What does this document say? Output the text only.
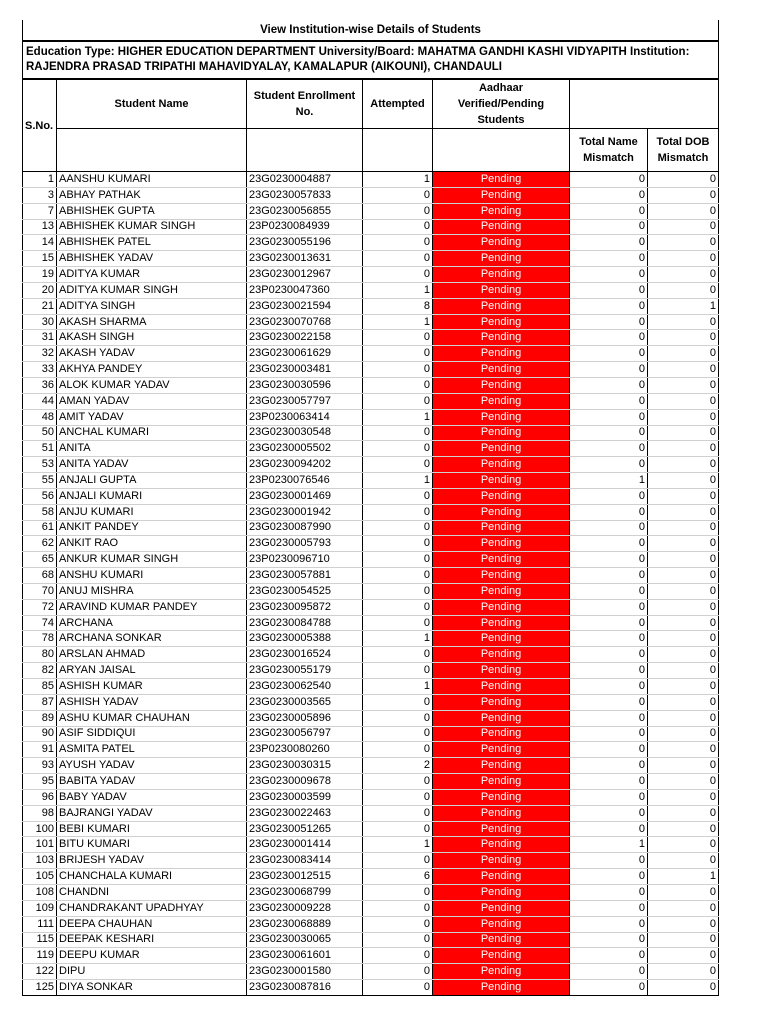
View Institution-wise Details of Students						
Education Type: HIGHER EDUCATION DEPARTMENT University/Board: MAHATMA GANDHI KASHI VIDYAPITH Institution: RAJENDRA PRASAD TRIPATHI MAHAVIDYALAY, KAMALAPUR (AIKOUNI), CHANDAULI						
S.No.	Student Name	Student Enrollment No.	Attempted	Aadhaar Verified/Pending Students		
					Total Name Mismatch	Total DOB Mismatch
1	AANSHU KUMARI	23G0230004887	1	Pending	0	0
3	ABHAY PATHAK	23G0230057833	0	Pending	0	0
7	ABHISHEK GUPTA	23G0230056855	0	Pending	0	0
13	ABHISHEK KUMAR SINGH	23P0230084939	0	Pending	0	0
14	ABHISHEK PATEL	23G0230055196	0	Pending	0	0
15	ABHISHEK YADAV	23G0230013631	0	Pending	0	0
19	ADITYA KUMAR	23G0230012967	0	Pending	0	0
20	ADITYA KUMAR SINGH	23P0230047360	1	Pending	0	0
21	ADITYA SINGH	23G0230021594	8	Pending	0	1
30	AKASH SHARMA	23G0230070768	1	Pending	0	0
31	AKASH SINGH	23G0230022158	0	Pending	0	0
32	AKASH YADAV	23G0230061629	0	Pending	0	0
33	AKHYA PANDEY	23G0230003481	0	Pending	0	0
36	ALOK KUMAR YADAV	23G0230030596	0	Pending	0	0
44	AMAN YADAV	23G0230057797	0	Pending	0	0
48	AMIT YADAV	23P0230063414	1	Pending	0	0
50	ANCHAL KUMARI	23G0230030548	0	Pending	0	0
51	ANITA	23G0230005502	0	Pending	0	0
53	ANITA YADAV	23G0230094202	0	Pending	0	0
55	ANJALI GUPTA	23P0230076546	1	Pending	1	0
56	ANJALI KUMARI	23G0230001469	0	Pending	0	0
58	ANJU KUMARI	23G0230001942	0	Pending	0	0
61	ANKIT PANDEY	23G0230087990	0	Pending	0	0
62	ANKIT RAO	23G0230005793	0	Pending	0	0
65	ANKUR KUMAR SINGH	23P0230096710	0	Pending	0	0
68	ANSHU KUMARI	23G0230057881	0	Pending	0	0
70	ANUJ MISHRA	23G0230054525	0	Pending	0	0
72	ARAVIND KUMAR PANDEY	23G0230095872	0	Pending	0	0
74	ARCHANA	23G0230084788	0	Pending	0	0
78	ARCHANA SONKAR	23G0230005388	1	Pending	0	0
80	ARSLAN AHMAD	23G0230016524	0	Pending	0	0
82	ARYAN JAISAL	23G0230055179	0	Pending	0	0
85	ASHISH KUMAR	23G0230062540	1	Pending	0	0
87	ASHISH YADAV	23G0230003565	0	Pending	0	0
89	ASHU KUMAR CHAUHAN	23G0230005896	0	Pending	0	0
90	ASIF SIDDIQUI	23G0230056797	0	Pending	0	0
91	ASMITA PATEL	23P0230080260	0	Pending	0	0
93	AYUSH YADAV	23G0230030315	2	Pending	0	0
95	BABITA YADAV	23G0230009678	0	Pending	0	0
96	BABY YADAV	23G0230003599	0	Pending	0	0
98	BAJRANGI YADAV	23G0230022463	0	Pending	0	0
100	BEBI KUMARI	23G0230051265	0	Pending	0	0
101	BITU KUMARI	23G0230001414	1	Pending	1	0
103	BRIJESH YADAV	23G0230083414	0	Pending	0	0
105	CHANCHALA KUMARI	23G0230012515	6	Pending	0	1
108	CHANDNI	23G0230068799	0	Pending	0	0
109	CHANDRAKANT UPADHYAY	23G0230009228	0	Pending	0	0
111	DEEPA CHAUHAN	23G0230068889	0	Pending	0	0
115	DEEPAK KESHARI	23G0230030065	0	Pending	0	0
119	DEEPU KUMAR	23G0230061601	0	Pending	0	0
122	DIPU	23G0230001580	0	Pending	0	0
125	DIYA SONKAR	23G0230087816	0	Pending	0	0
